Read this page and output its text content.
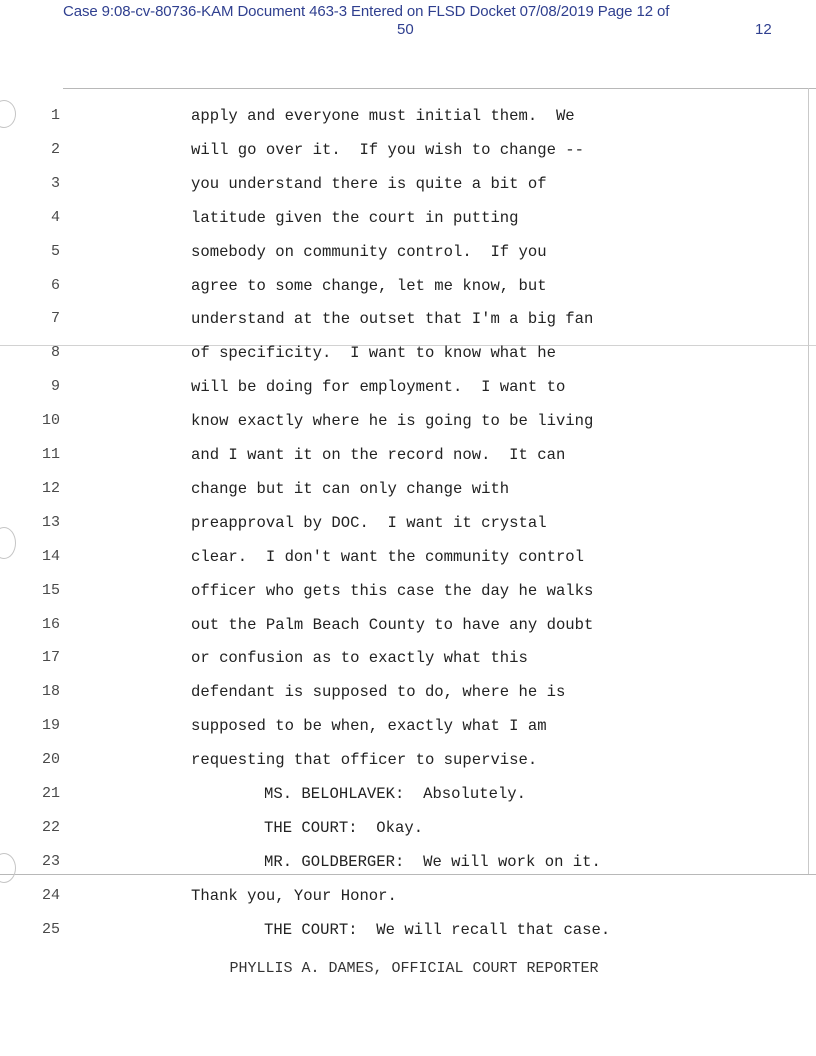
Case 9:08-cv-80736-KAM Document 463-3 Entered on FLSD Docket 07/08/2019 Page 12 of
50	12
1	apply and everyone must initial them.  We
2	will go over it.  If you wish to change --
3	you understand there is quite a bit of
4	latitude given the court in putting
5	somebody on community control.  If you
6	agree to some change, let me know, but
7	understand at the outset that I'm a big fan
8	of specificity.  I want to know what he
9	will be doing for employment.  I want to
10	know exactly where he is going to be living
11	and I want it on the record now.  It can
12	change but it can only change with
13	preapproval by DOC.  I want it crystal
14	clear.  I don't want the community control
15	officer who gets this case the day he walks
16	out the Palm Beach County to have any doubt
17	or confusion as to exactly what this
18	defendant is supposed to do, where he is
19	supposed to be when, exactly what I am
20	requesting that officer to supervise.
21	MS. BELOHLAVEK:  Absolutely.
22	THE COURT:  Okay.
23	MR. GOLDBERGER:  We will work on it.
24	Thank you, Your Honor.
25	THE COURT:  We will recall that case.
PHYLLIS A. DAMES, OFFICIAL COURT REPORTER
